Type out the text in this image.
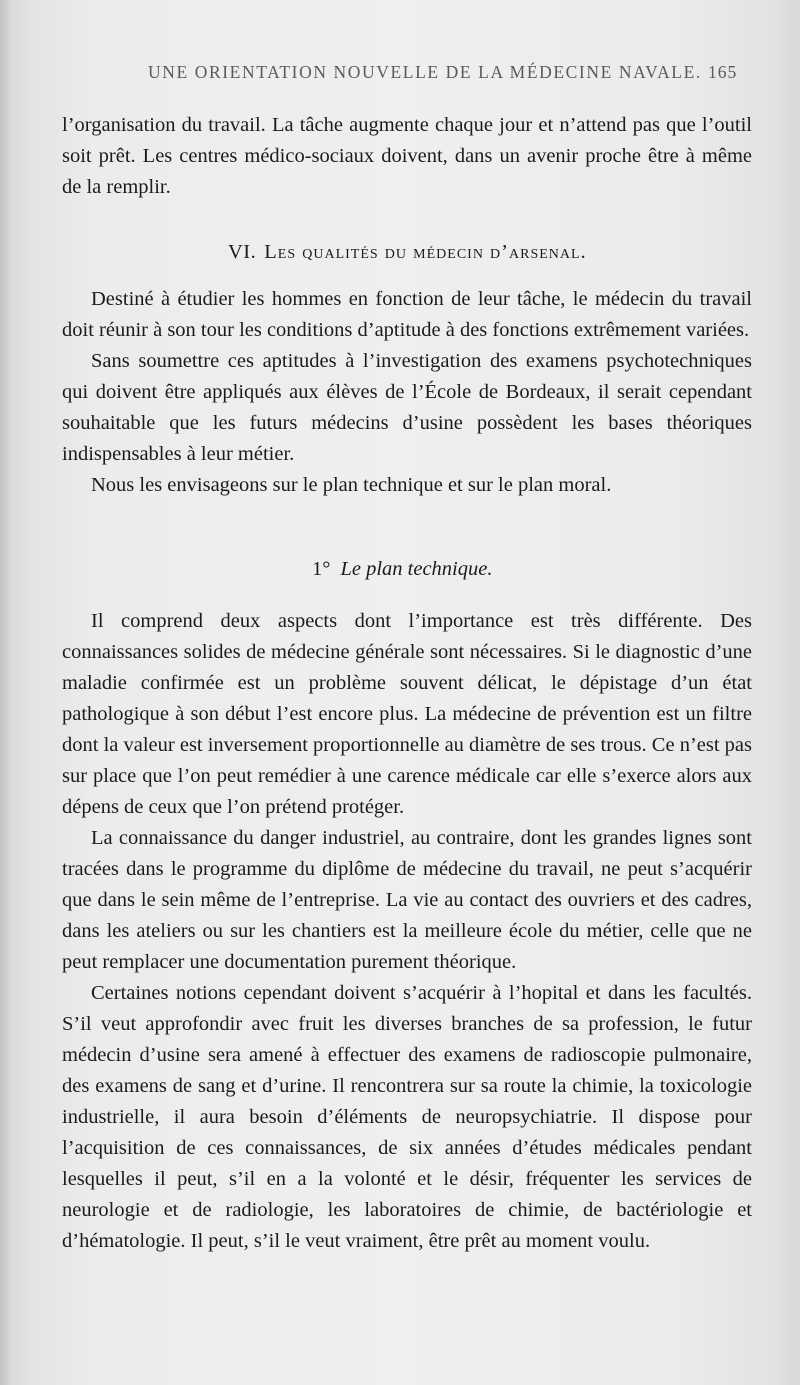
UNE ORIENTATION NOUVELLE DE LA MÉDECINE NAVALE. 165

l’organisation du travail. La tâche augmente chaque jour et n’attend pas que l’outil soit prêt. Les centres médico-sociaux doivent, dans un avenir proche être à même de la remplir.

VI. Les qualités du médecin d’arsenal.

Destiné à étudier les hommes en fonction de leur tâche, le médecin du travail doit réunir à son tour les conditions d’aptitude à des fonctions extrêmement variées.

Sans soumettre ces aptitudes à l’investigation des examens psychotechniques qui doivent être appliqués aux élèves de l’École de Bordeaux, il serait cependant souhaitable que les futurs médecins d’usine possèdent les bases théoriques indispensables à leur métier.

Nous les envisageons sur le plan technique et sur le plan moral.

1° Le plan technique.

Il comprend deux aspects dont l’importance est très différente. Des connaissances solides de médecine générale sont nécessaires. Si le diagnostic d’une maladie confirmée est un problème souvent délicat, le dépistage d’un état pathologique à son début l’est encore plus. La médecine de prévention est un filtre dont la valeur est inversement proportionnelle au diamètre de ses trous. Ce n’est pas sur place que l’on peut remédier à une carence médicale car elle s’exerce alors aux dépens de ceux que l’on prétend protéger.

La connaissance du danger industriel, au contraire, dont les grandes lignes sont tracées dans le programme du diplôme de médecine du travail, ne peut s’acquérir que dans le sein même de l’entreprise. La vie au contact des ouvriers et des cadres, dans les ateliers ou sur les chantiers est la meilleure école du métier, celle que ne peut remplacer une documentation purement théorique.

Certaines notions cependant doivent s’acquérir à l’hopital et dans les facultés. S’il veut approfondir avec fruit les diverses branches de sa profession, le futur médecin d’usine sera amené à effectuer des examens de radioscopie pulmonaire, des examens de sang et d’urine. Il rencontrera sur sa route la chimie, la toxicologie industrielle, il aura besoin d’éléments de neuropsychiatrie. Il dispose pour l’acquisition de ces connaissances, de six années d’études médicales pendant lesquelles il peut, s’il en a la volonté et le désir, fréquenter les services de neurologie et de radiologie, les laboratoires de chimie, de bactériologie et d’hématologie. Il peut, s’il le veut vraiment, être prêt au moment voulu.
